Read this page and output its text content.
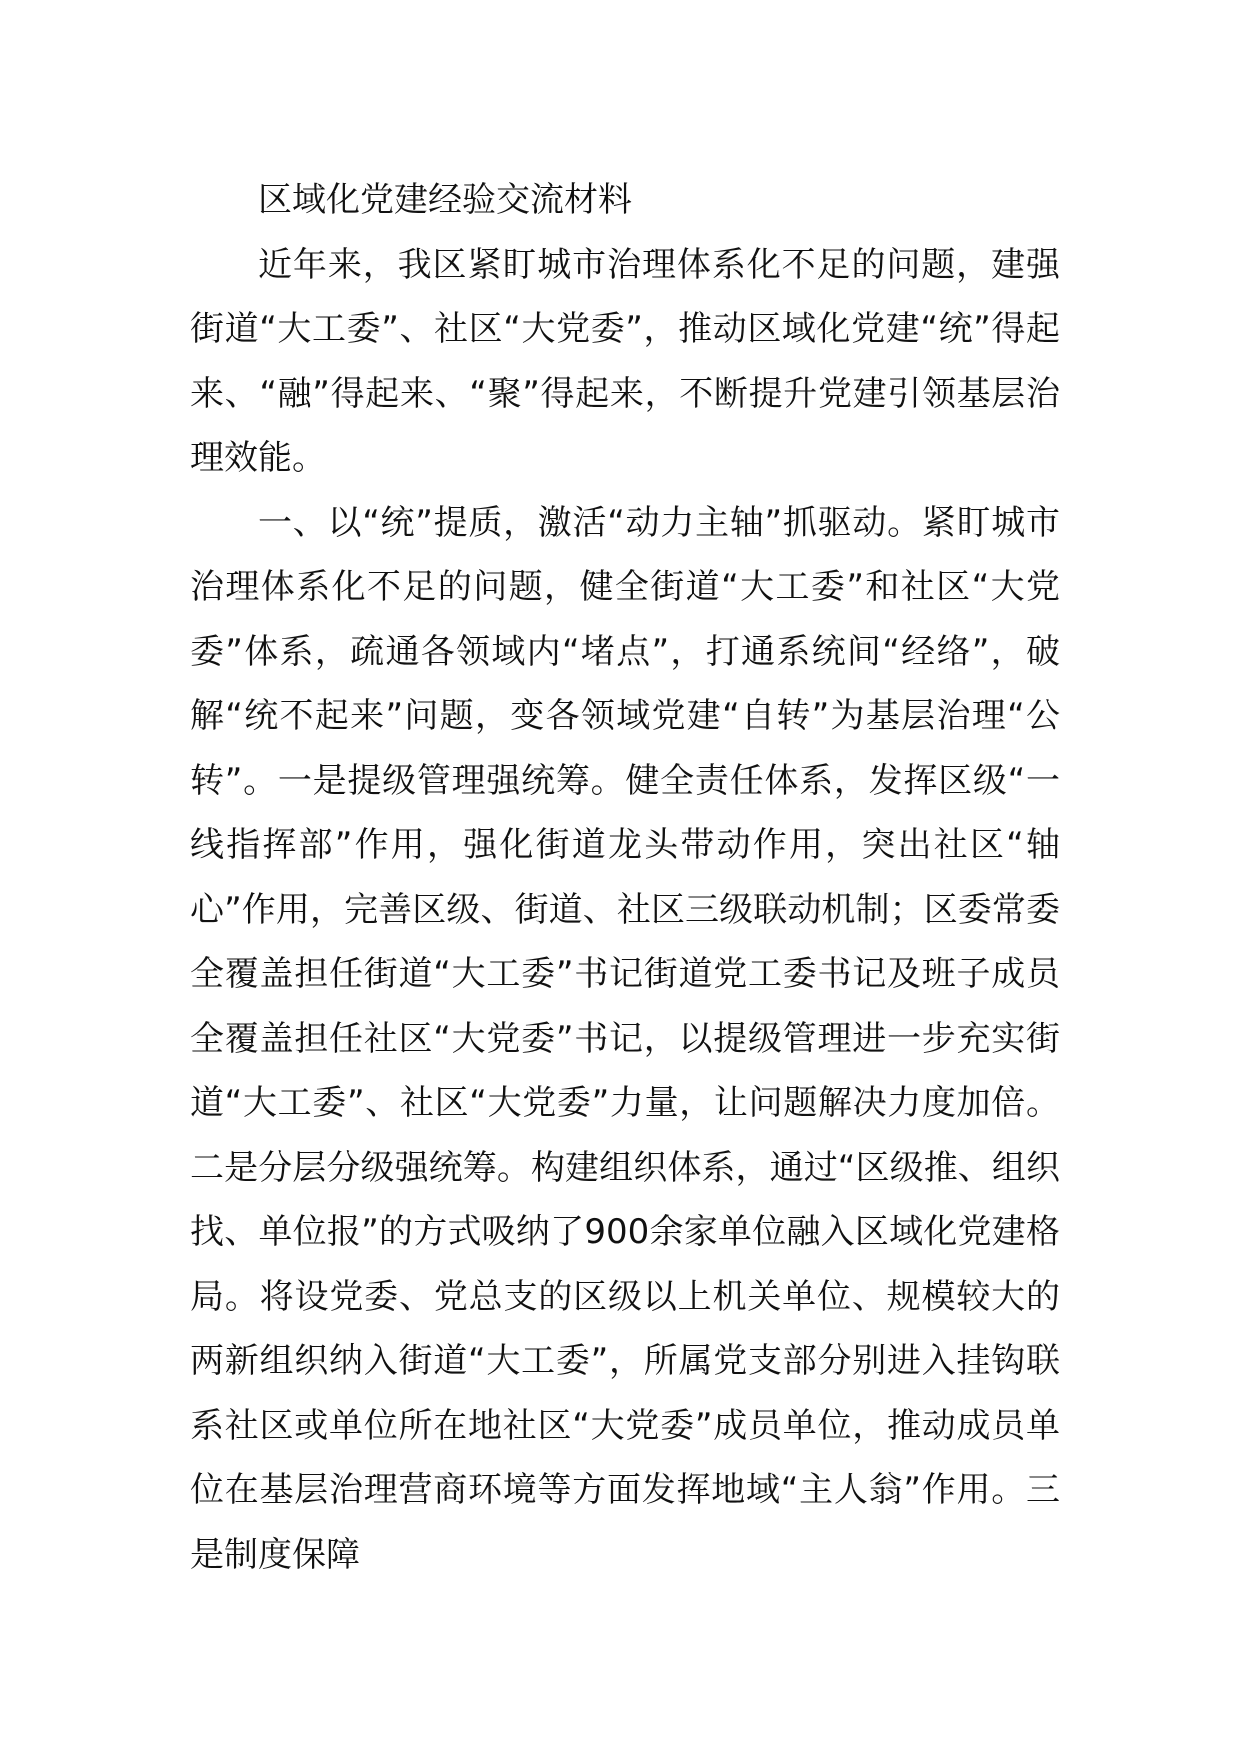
区域化党建经验交流材料

近年来，我区紧盯城市治理体系化不足的问题，建强街道“大工委”、社区“大党委”，推动区域化党建“统”得起来、“融”得起来、“聚”得起来，不断提升党建引领基层治理效能。

一、以“统”提质，激活“动力主轴”抓驱动。紧盯城市治理体系化不足的问题，健全街道“大工委”和社区“大党委”体系，疏通各领域内“堵点”，打通系统间“经络”，破解“统不起来”问题，变各领域党建“自转”为基层治理“公转”。一是提级管理强统筹。健全责任体系，发挥区级“一线指挥部”作用，强化街道龙头带动作用，突出社区“轴心”作用，完善区级、街道、社区三级联动机制；区委常委全覆盖担任街道“大工委”书记街道党工委书记及班子成员全覆盖担任社区“大党委”书记，以提级管理进一步充实街道“大工委”、社区“大党委”力量，让问题解决力度加倍。二是分层分级强统筹。构建组织体系，通过“区级推、组织找、单位报”的方式吸纳了900余家单位融入区域化党建格局。将设党委、党总支的区级以上机关单位、规模较大的两新组织纳入街道“大工委”，所属党支部分别进入挂钩联系社区或单位所在地社区“大党委”成员单位，推动成员单位在基层治理营商环境等方面发挥地域“主人翁”作用。三是制度保障
